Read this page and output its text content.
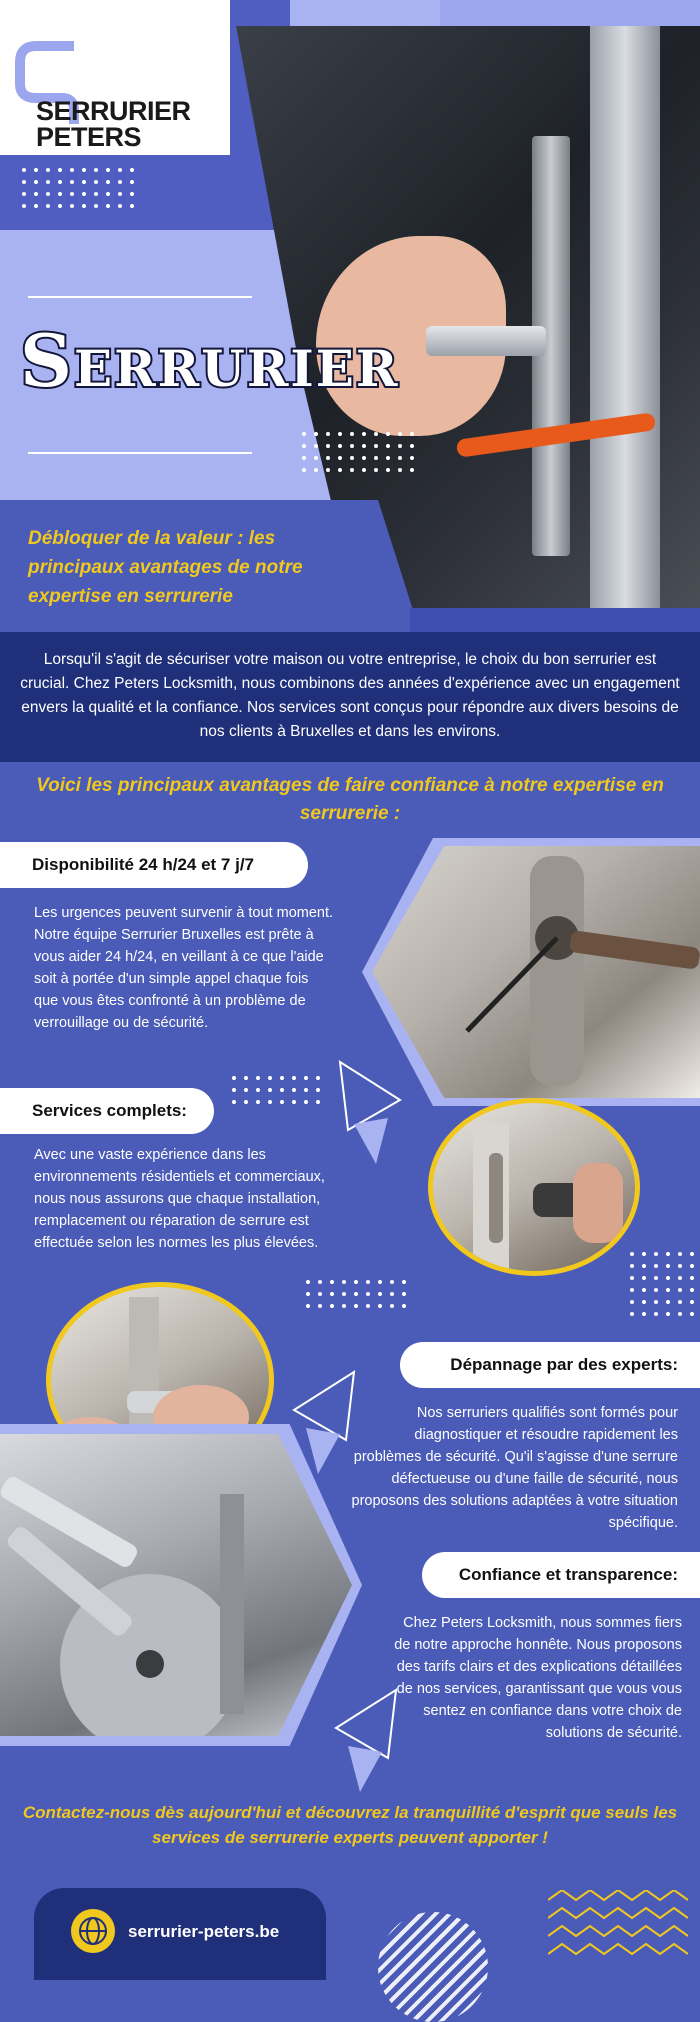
SERRURIER
PETERS
Serrurier
Débloquer de la valeur : les principaux avantages de notre expertise en serrurerie
Lorsqu'il s'agit de sécuriser votre maison ou votre entreprise, le choix du bon serrurier est crucial. Chez Peters Locksmith, nous combinons des années d'expérience avec un engagement envers la qualité et la confiance. Nos services sont conçus pour répondre aux divers besoins de nos clients à Bruxelles et dans les environs.
Voici les principaux avantages de faire confiance à notre expertise en serrurerie :
Disponibilité 24 h/24 et 7 j/7
Les urgences peuvent survenir à tout moment. Notre équipe Serrurier Bruxelles est prête à vous aider 24 h/24, en veillant à ce que l'aide soit à portée d'un simple appel chaque fois que vous êtes confronté à un problème de verrouillage ou de sécurité.
Services complets:
Avec une vaste expérience dans les environnements résidentiels et commerciaux, nous nous assurons que chaque installation, remplacement ou réparation de serrure est effectuée selon les normes les plus élevées.
Dépannage par des experts:
Nos serruriers qualifiés sont formés pour diagnostiquer et résoudre rapidement les problèmes de sécurité. Qu'il s'agisse d'une serrure défectueuse ou d'une faille de sécurité, nous proposons des solutions adaptées à votre situation spécifique.
Confiance et transparence:
Chez Peters Locksmith, nous sommes fiers de notre approche honnête. Nous proposons des tarifs clairs et des explications détaillées de nos services, garantissant que vous vous sentez en confiance dans votre choix de solutions de sécurité.
Contactez-nous dès aujourd'hui et découvrez la tranquillité d'esprit que seuls les services de serrurerie experts peuvent apporter !
serrurier-peters.be
